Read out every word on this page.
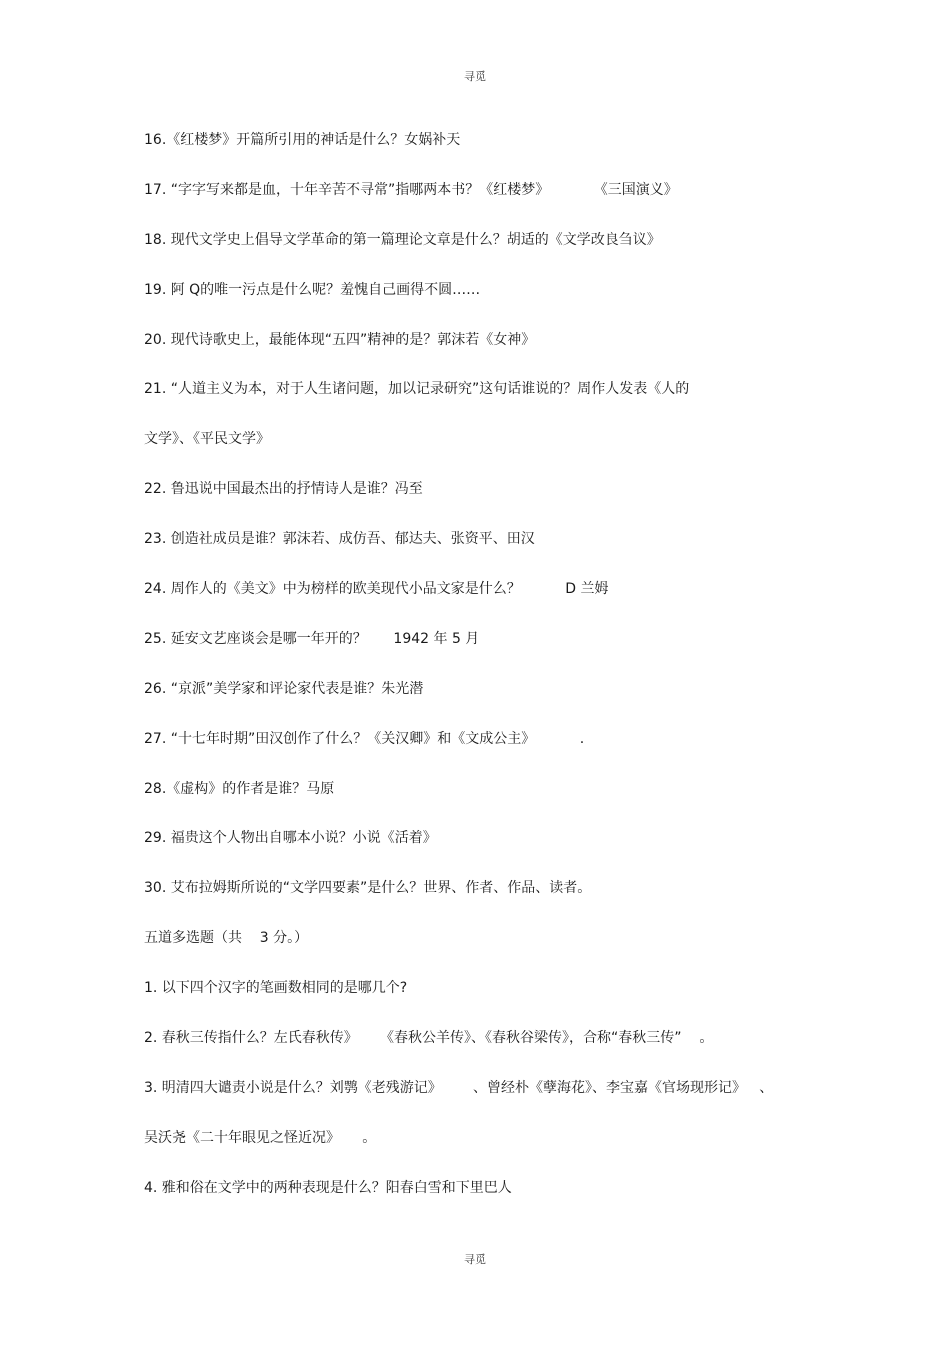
寻觅
16.《红楼梦》开篇所引用的神话是什么？女娲补天
17. “字字写来都是血，十年辛苦不寻常”指哪两本书？《红楼梦》          《三国演义》
18. 现代文学史上倡导文学革命的第一篇理论文章是什么？胡适的《文学改良刍议》
19. 阿 Q的唯一污点是什么呢？羞愧自己画得不圆……
20. 现代诗歌史上，最能体现“五四”精神的是？郭沫若《女神》
21. “人道主义为本，对于人生诸问题，加以记录研究”这句话谁说的？周作人发表《人的
文学》、《平民文学》
22. 鲁迅说中国最杰出的抒情诗人是谁？冯至
23. 创造社成员是谁？郭沫若、成仿吾、郁达夫、张资平、田汉
24. 周作人的《美文》中为榜样的欧美现代小品文家是什么？          D 兰姆
25. 延安文艺座谈会是哪一年开的？      1942 年 5 月
26. “京派”美学家和评论家代表是谁？朱光潜
27. “十七年时期”田汉创作了什么？《关汉卿》和《文成公主》          .
28.《虚构》的作者是谁？马原
29. 福贵这个人物出自哪本小说？小说《活着》
30. 艾布拉姆斯所说的“文学四要素”是什么？世界、作者、作品、读者。
五道多选题（共    3 分。）
1. 以下四个汉字的笔画数相同的是哪几个?
2. 春秋三传指什么？左氏春秋传》     《春秋公羊传》、《春秋谷梁传》，合称“春秋三传”    。
3. 明清四大谴责小说是什么？刘鹗《老残游记》       、曾经朴《孽海花》、李宝嘉《官场现形记》   、
吴沃尧《二十年眼见之怪近况》     。
4. 雅和俗在文学中的两种表现是什么？阳春白雪和下里巴人
寻觅
